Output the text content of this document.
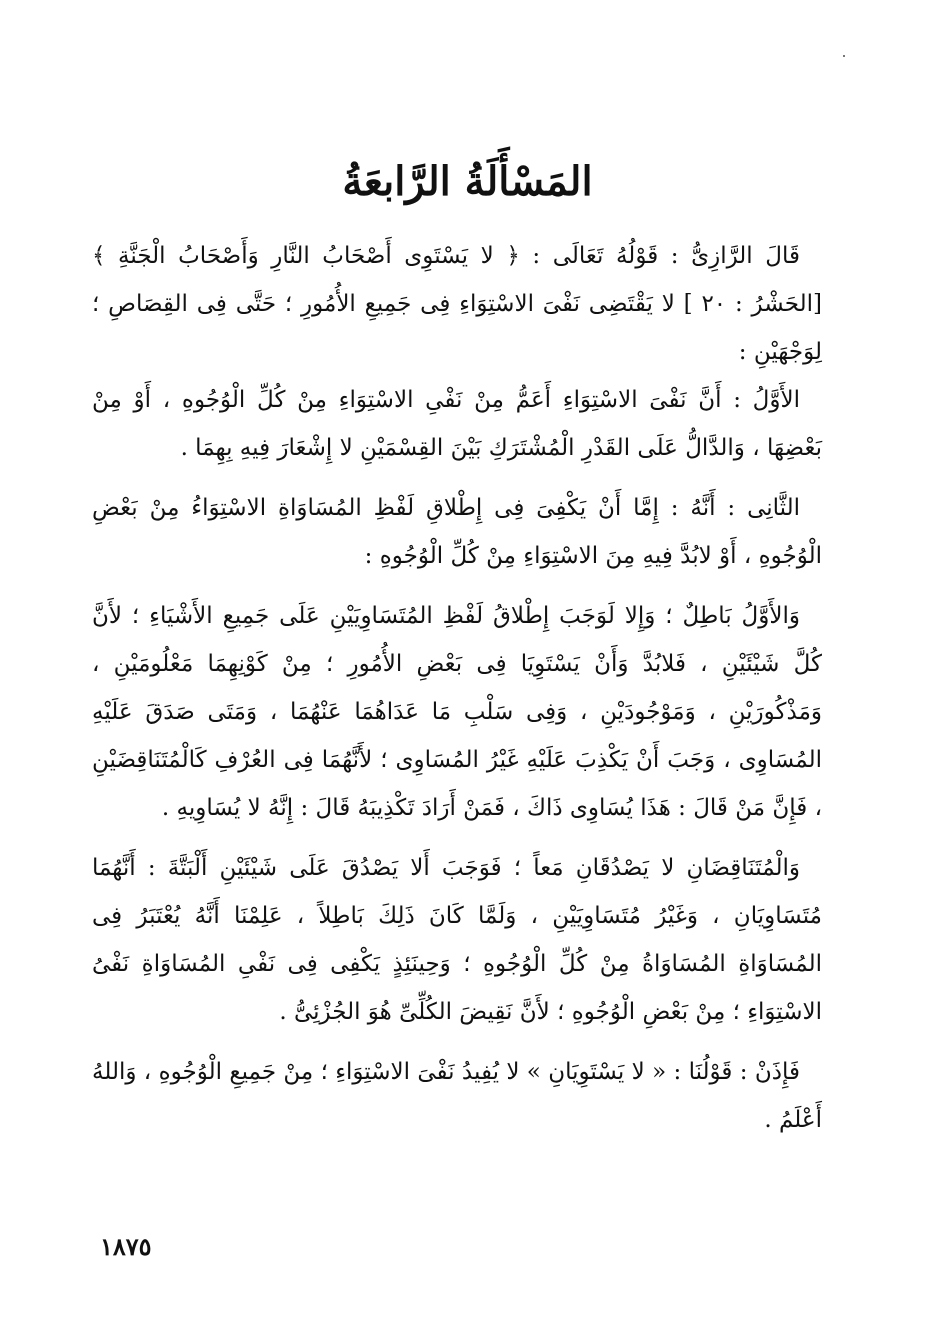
المَسْأَلَةُ الرَّابعَةُ

قَالَ الرَّازِىُّ : قَوْلُهُ تَعَالَى : ﴿ لا يَسْتَوِى أَصْحَابُ النَّارِ وَأَصْحَابُ الْجَنَّةِ ﴾ [الحَشْرُ : ٢٠ ] لا يَقْتَضِى نَفْىَ الاسْتِوَاءِ فِى جَمِيعِ الأُمُورِ ؛ حَتَّى فِى القِصَاصِ ؛ لِوَجْهَيْنِ :

الأَوَّلُ : أَنَّ نَفْىَ الاسْتِوَاءِ أَعَمُّ مِنْ نَفْىِ الاسْتِوَاءِ مِنْ كُلِّ الْوُجُوهِ ، أَوْ مِنْ بَعْضِهَا ، وَالدَّالُّ عَلَى القَدْرِ الْمُشْتَرَكِ بَيْنَ القِسْمَيْنِ لا إِشْعَارَ فِيهِ بِهِمَا .

الثَّانِى : أَنَّهُ : إِمَّا أَنْ يَكْفِىَ فِى إِطْلاقِ لَفْظِ المُسَاوَاةِ الاسْتِوَاءُ مِنْ بَعْضِ الْوُجُوهِ ، أَوْ لابُدَّ فِيهِ مِنَ الاسْتِوَاءِ مِنْ كُلِّ الْوُجُوهِ :

وَالأَوَّلُ بَاطِلٌ ؛ وَإِلا لَوَجَبَ إِطْلاقُ لَفْظِ المُتَسَاوِيَيْنِ عَلَى جَمِيعِ الأَشْيَاءِ ؛ لأَنَّ كُلَّ شَيْئَيْنِ ، فَلابُدَّ وَأَنْ يَسْتَوِيَا فِى بَعْضِ الأُمُورِ ؛ مِنْ كَوْنِهِمَا مَعْلُومَيْنِ ، وَمَذْكُورَيْنِ ، وَمَوْجُودَيْنِ ، وَفِى سَلْبِ مَا عَدَاهُمَا عَنْهُمَا ، وَمَتَى صَدَقَ عَلَيْهِ المُسَاوِى ، وَجَبَ أَنْ يَكْذِبَ عَلَيْهِ غَيْرُ المُسَاوِى ؛ لأَنَّهُمَا فِى العُرْفِ كَالْمُتَنَاقِضَيْنِ ، فَإِنَّ مَنْ قَالَ : هَذَا يُسَاوِى ذَاكَ ، فَمَنْ أَرَادَ تَكْذِيبَهُ قَالَ : إِنَّهُ لا يُسَاوِيهِ .

وَالْمُتَنَاقِضَانِ لا يَصْدُقَانِ مَعاً ؛ فَوَجَبَ أَلا يَصْدُقَ عَلَى شَيْئَيْنِ أَلْبَتَّةَ : أَنَّهُمَا مُتَسَاوِيَانِ ، وَغَيْرُ مُتَسَاوِيَيْنِ ، وَلَمَّا كَانَ ذَلِكَ بَاطِلاً ، عَلِمْنَا أَنَّهُ يُعْتَبَرُ فِى المُسَاوَاةِ المُسَاوَاةُ مِنْ كُلِّ الْوُجُوهِ ؛ وَحِينَئِذٍ يَكْفِى فِى نَفْىِ المُسَاوَاةِ نَفْىُ الاسْتِوَاءِ ؛ مِنْ بَعْضِ الْوُجُوهِ ؛ لأَنَّ نَقِيضَ الكُلِّىِّ هُوَ الجُزْئِىُّ .

فَإِذَنْ : قَوْلُنَا : « لا يَسْتَوِيَانِ » لا يُفِيدُ نَفْىَ الاسْتِوَاءِ ؛ مِنْ جَمِيعِ الْوُجُوهِ ، وَاللهُ أَعْلَمُ .

١٨٧٥
